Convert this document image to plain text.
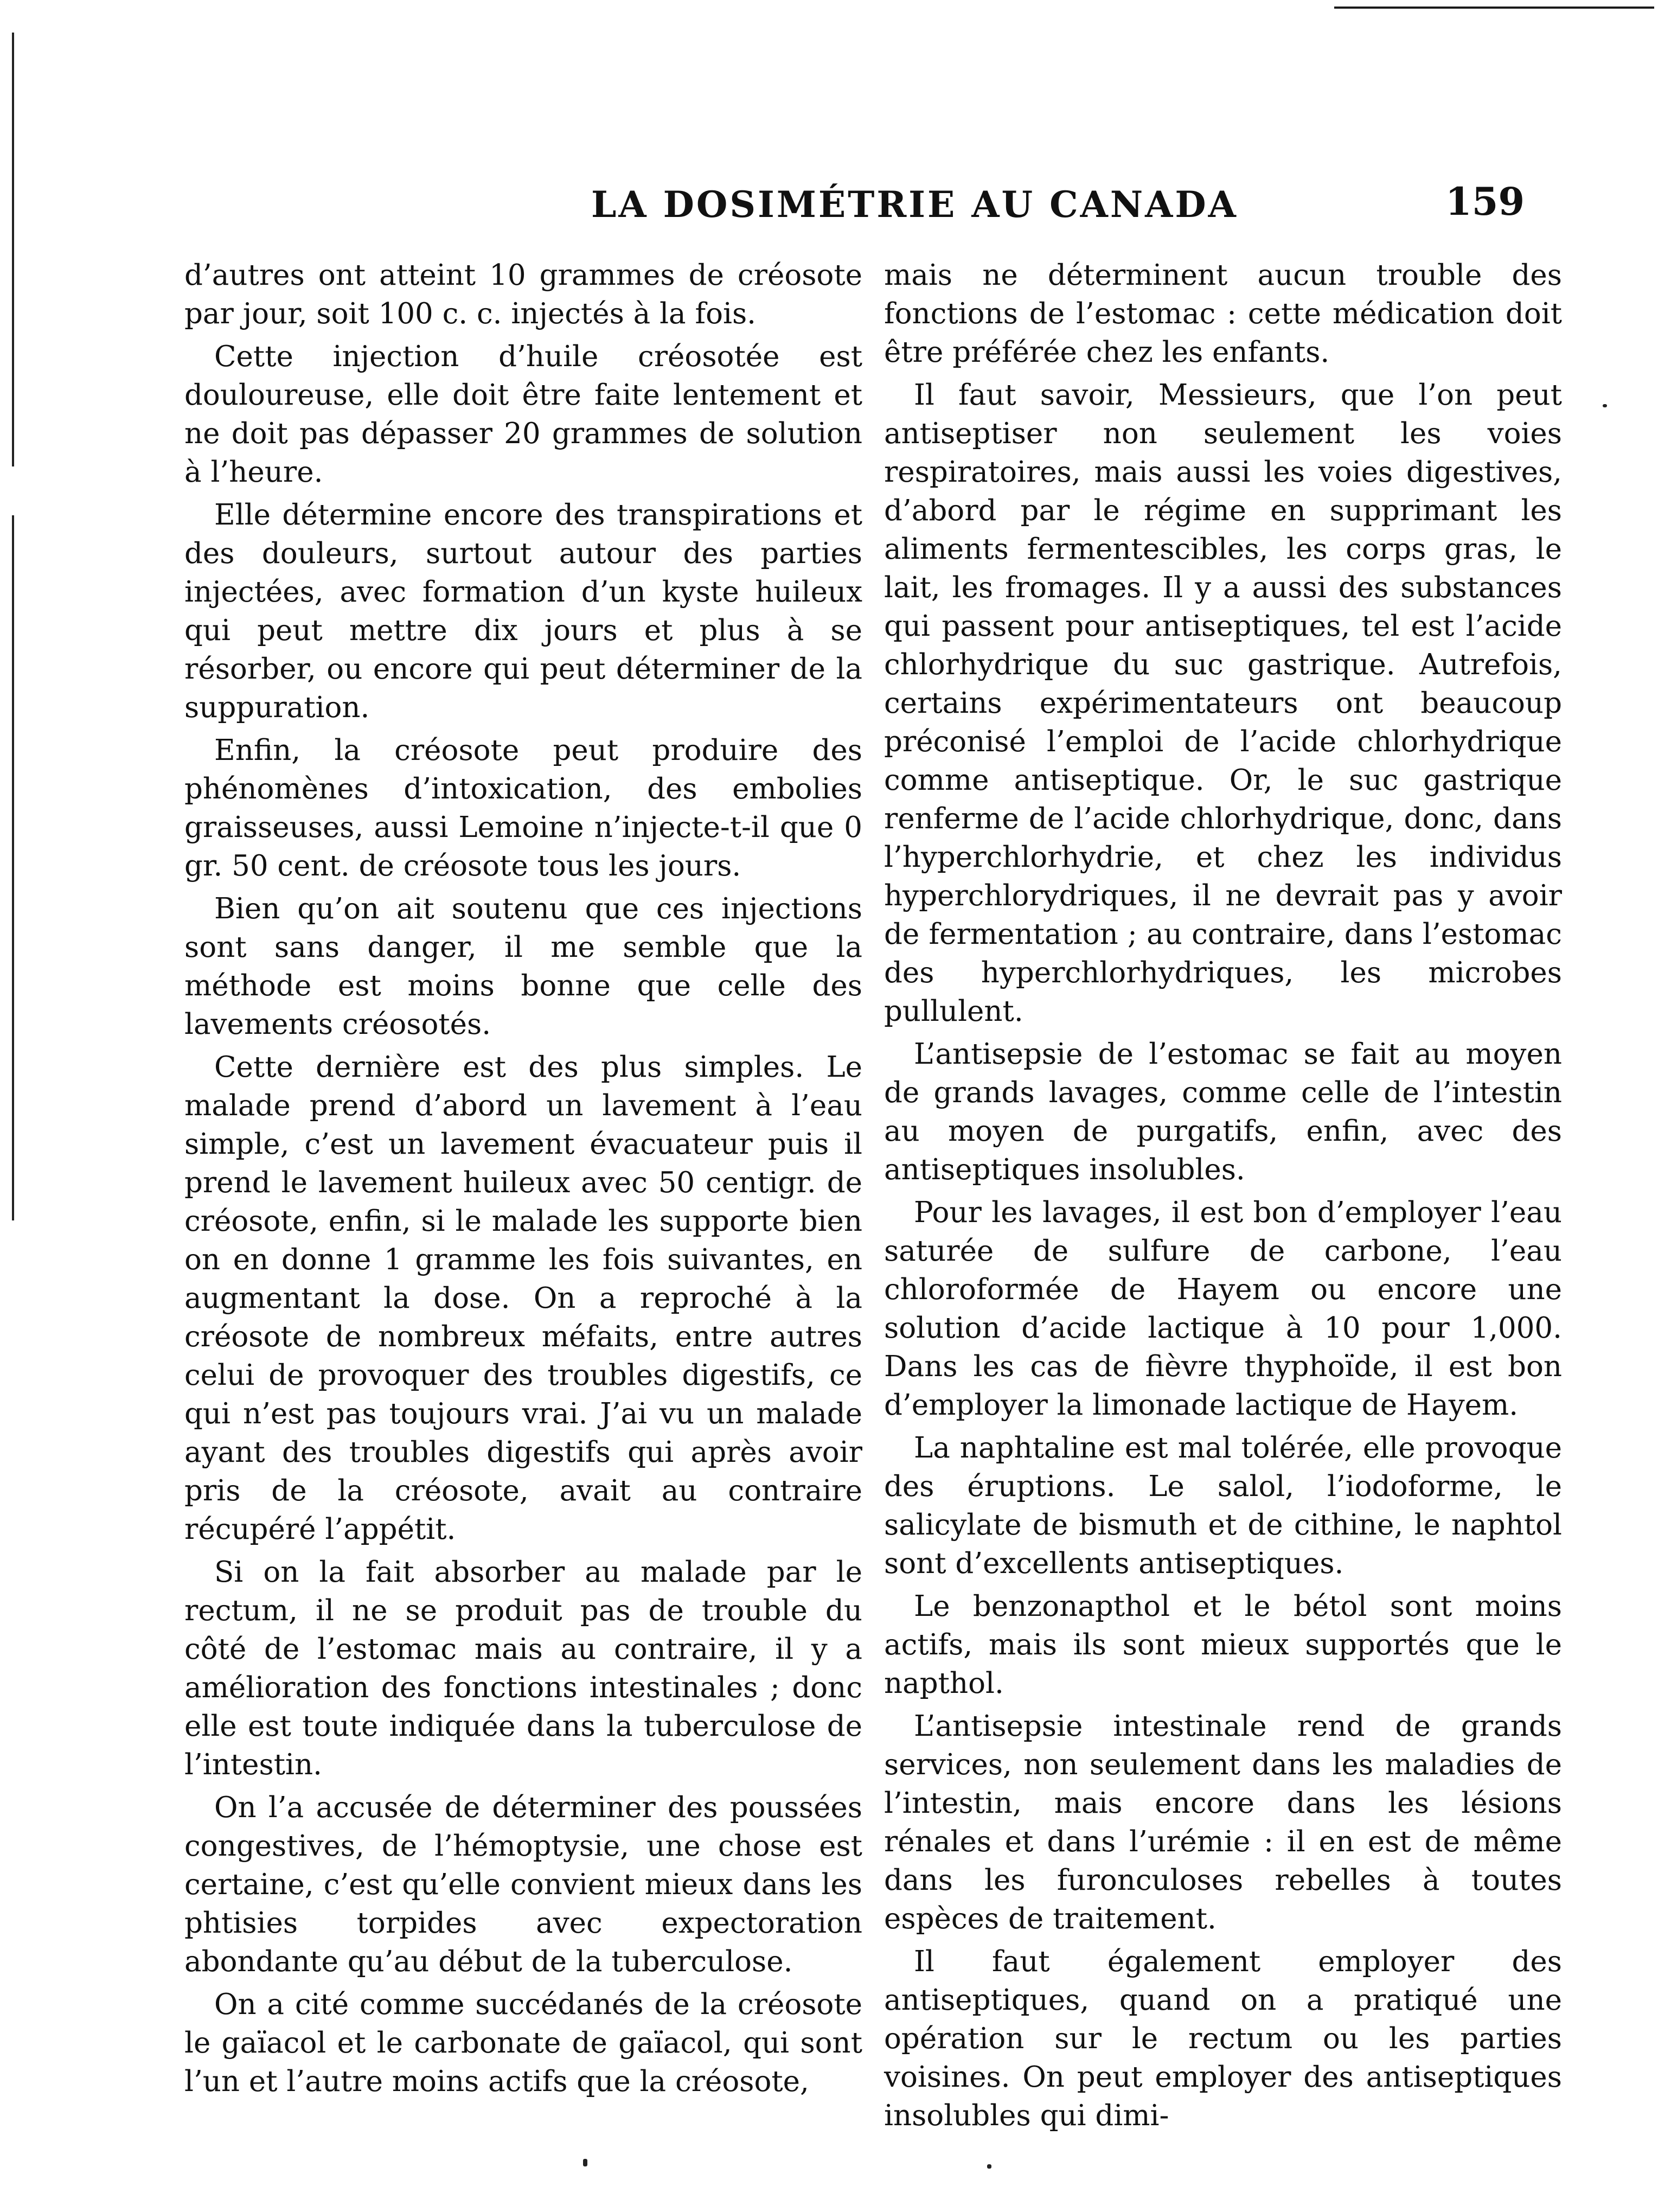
LA DOSIMÉTRIE AU CANADA	159

d’autres ont atteint 10 grammes de créosote par jour, soit 100 c. c. injectés à la fois.

Cette injection d’huile créosotée est douloureuse, elle doit être faite lentement et ne doit pas dépasser 20 grammes de solution à l’heure.

Elle détermine encore des transpirations et des douleurs, surtout autour des parties injectées, avec formation d’un kyste huileux qui peut mettre dix jours et plus à se résorber, ou encore qui peut déterminer de la suppuration.

Enfin, la créosote peut produire des phénomènes d’intoxication, des embolies graisseuses, aussi Lemoine n’injecte-t-il que 0 gr. 50 cent. de créosote tous les jours.

Bien qu’on ait soutenu que ces injections sont sans danger, il me semble que la méthode est moins bonne que celle des lavements créosotés.

Cette dernière est des plus simples. Le malade prend d’abord un lavement à l’eau simple, c’est un lavement évacuateur puis il prend le lavement huileux avec 50 centigr. de créosote, enfin, si le malade les supporte bien on en donne 1 gramme les fois suivantes, en augmentant la dose. On a reproché à la créosote de nombreux méfaits, entre autres celui de provoquer des troubles digestifs, ce qui n’est pas toujours vrai. J’ai vu un malade ayant des troubles digestifs qui après avoir pris de la créosote, avait au contraire récupéré l’appétit.

Si on la fait absorber au malade par le rectum, il ne se produit pas de trouble du côté de l’estomac mais au contraire, il y a amélioration des fonctions intestinales ; donc elle est toute indiquée dans la tuberculose de l’intestin.

On l’a accusée de déterminer des poussées congestives, de l’hémoptysie, une chose est certaine, c’est qu’elle convient mieux dans les phtisies torpides avec expectoration abondante qu’au début de la tuberculose.

On a cité comme succédanés de la créosote le gaïacol et le carbonate de gaïacol, qui sont l’un et l’autre moins actifs que la créosote,

mais ne déterminent aucun trouble des fonctions de l’estomac : cette médication doit être préférée chez les enfants.

Il faut savoir, Messieurs, que l’on peut antiseptiser non seulement les voies respiratoires, mais aussi les voies digestives, d’abord par le régime en supprimant les aliments fermentescibles, les corps gras, le lait, les fromages. Il y a aussi des substances qui passent pour antiseptiques, tel est l’acide chlorhydrique du suc gastrique. Autrefois, certains expérimentateurs ont beaucoup préconisé l’emploi de l’acide chlorhydrique comme antiseptique. Or, le suc gastrique renferme de l’acide chlorhydrique, donc, dans l’hyperchlorhydrie, et chez les individus hyperchlorydriques, il ne devrait pas y avoir de fermentation ; au contraire, dans l’estomac des hyperchlorhydriques, les microbes pullulent.

L’antisepsie de l’estomac se fait au moyen de grands lavages, comme celle de l’intestin au moyen de purgatifs, enfin, avec des antiseptiques insolubles.

Pour les lavages, il est bon d’employer l’eau saturée de sulfure de carbone, l’eau chloroformée de Hayem ou encore une solution d’acide lactique à 10 pour 1,000. Dans les cas de fièvre thyphoïde, il est bon d’employer la limonade lactique de Hayem.

La naphtaline est mal tolérée, elle provoque des éruptions. Le salol, l’iodoforme, le salicylate de bismuth et de cithine, le naphtol sont d’excellents antiseptiques.

Le benzonapthol et le bétol sont moins actifs, mais ils sont mieux supportés que le napthol.

L’antisepsie intestinale rend de grands services, non seulement dans les maladies de l’intestin, mais encore dans les lésions rénales et dans l’urémie : il en est de même dans les furonculoses rebelles à toutes espèces de traitement.

Il faut également employer des antiseptiques, quand on a pratiqué une opération sur le rectum ou les parties voisines. On peut employer des antiseptiques insolubles qui dimi-
